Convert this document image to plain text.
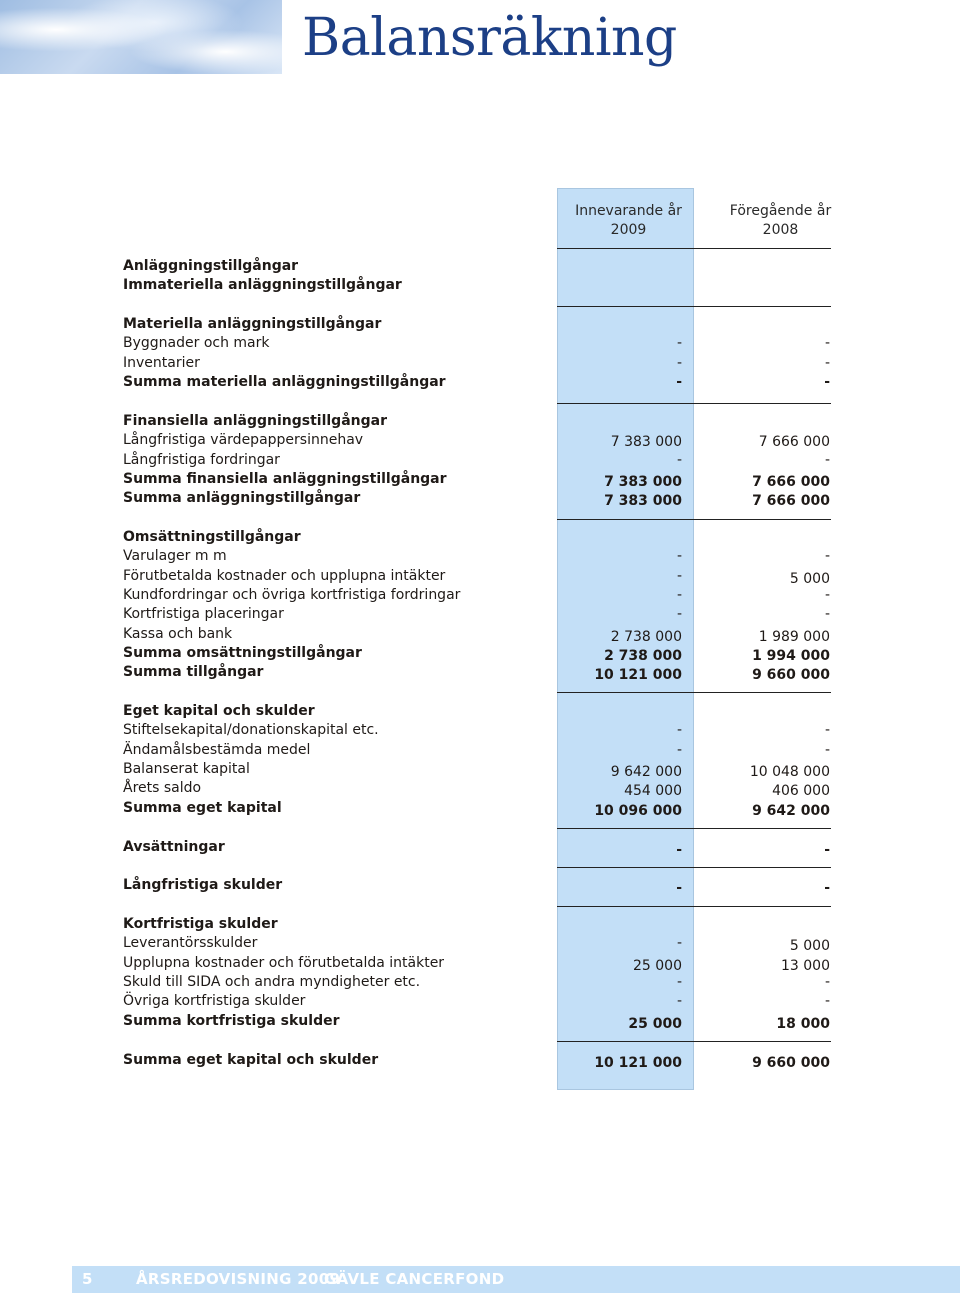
Balansräkning
Innevarande år
2009
Föregående år
2008
Anläggningstillgångar
Immateriella anläggningstillgångar
Materiella anläggningstillgångar
Byggnader och mark	-	-
Inventarier	-	-
Summa materiella anläggningstillgångar	-	-
Finansiella anläggningstillgångar
Långfristiga värdepappersinnehav	7 383 000	7 666 000
Långfristiga fordringar	-	-
Summa finansiella anläggningstillgångar	7 383 000	7 666 000
Summa anläggningstillgångar	7 383 000	7 666 000
Omsättningstillgångar
Varulager m m	-	-
Förutbetalda kostnader och upplupna intäkter	-	5 000
Kundfordringar och övriga kortfristiga fordringar	-	-
Kortfristiga placeringar	-	-
Kassa och bank	2 738 000	1 989 000
Summa omsättningstillgångar	2 738 000	1 994 000
Summa tillgångar	10 121 000	9 660 000
Eget kapital och skulder
Stiftelsekapital/donationskapital etc.	-	-
Ändamålsbestämda medel	-	-
Balanserat kapital	9 642 000	10 048 000
Årets saldo	454 000	406 000
Summa eget kapital	10 096 000	9 642 000
Avsättningar	-	-
Långfristiga skulder	-	-
Kortfristiga skulder
Leverantörsskulder	-	5 000
Upplupna kostnader och förutbetalda intäkter	25 000	13 000
Skuld till SIDA och andra myndigheter etc.	-	-
Övriga kortfristiga skulder	-	-
Summa kortfristiga skulder	25 000	18 000
Summa eget kapital och skulder	10 121 000	9 660 000
5	ÅRSREDOVISNING 2009
GÄVLE CANCERFOND
